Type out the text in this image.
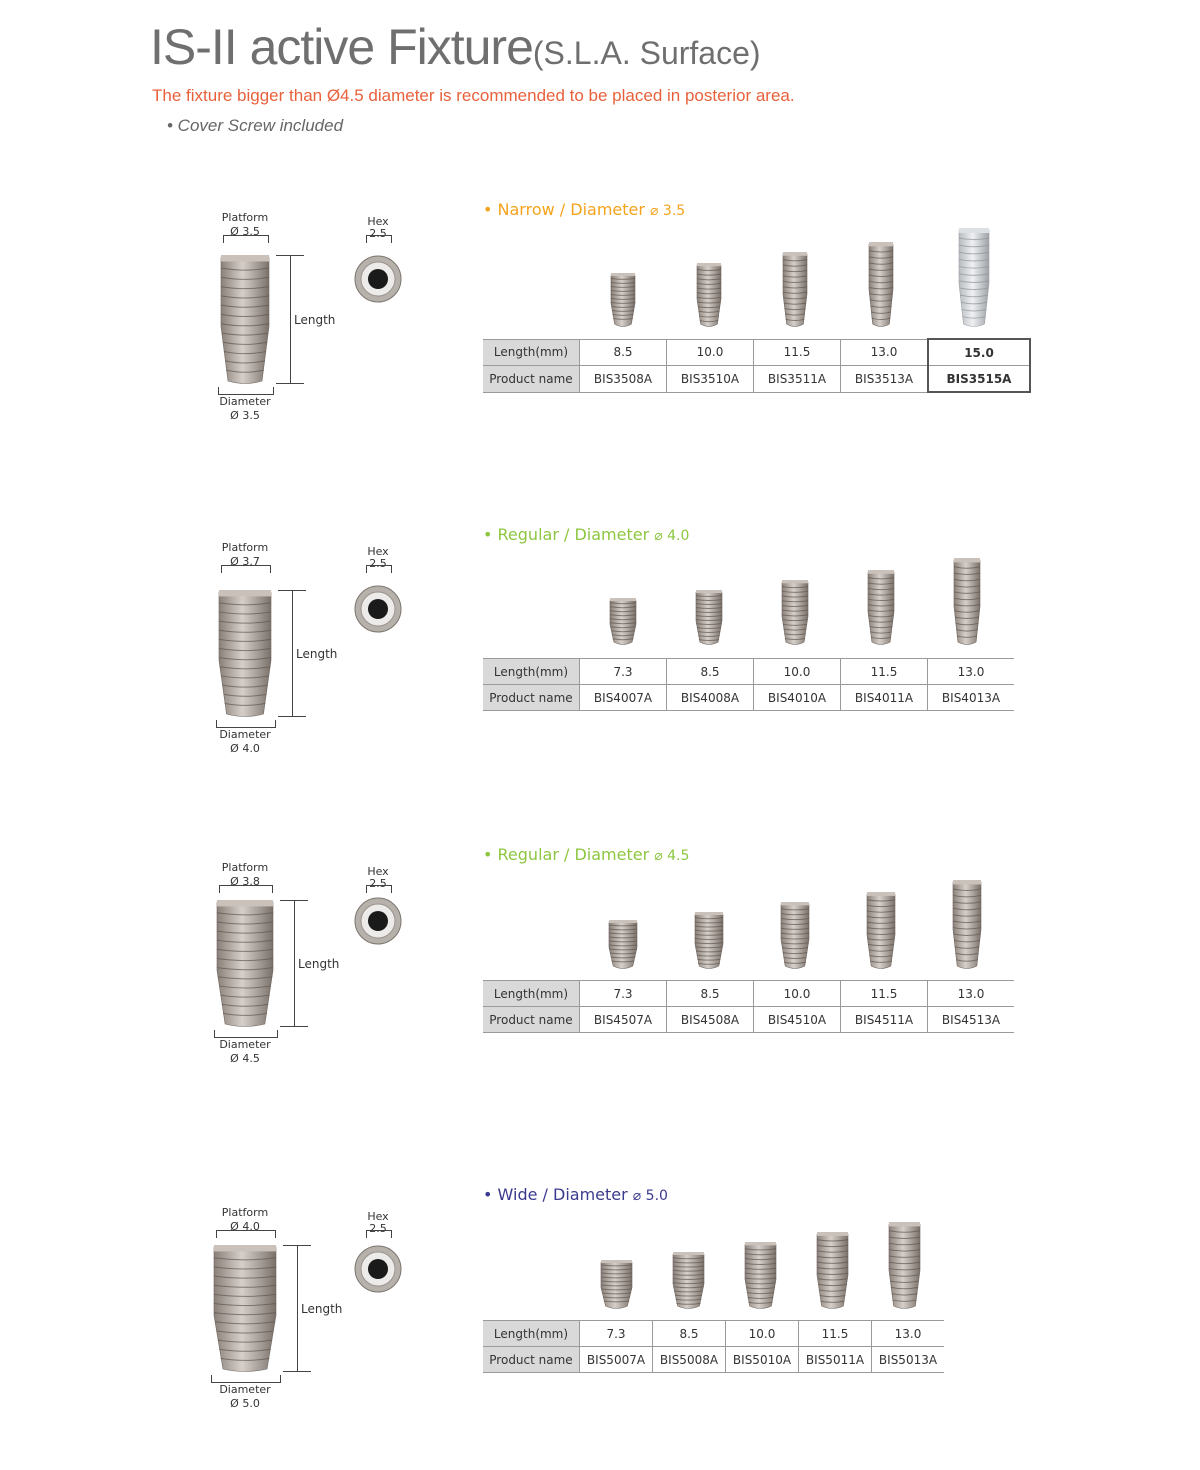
IS-II active Fixture(S.L.A. Surface)
The fixture bigger than Ø4.5 diameter is recommended to be placed in posterior area.
• Cover Screw included
Platform
Ø 3.5
Length
Diameter
Ø 3.5
Hex
2.5
• Narrow / Diameter ⌀ 3.5
Length(mm)	8.5	10.0	11.5	13.0	15.0
Product name	BIS3508A	BIS3510A	BIS3511A	BIS3513A	BIS3515A
Platform
Ø 3.7
Length
Diameter
Ø 4.0
Hex
2.5
• Regular / Diameter ⌀ 4.0
Length(mm)	7.3	8.5	10.0	11.5	13.0
Product name	BIS4007A	BIS4008A	BIS4010A	BIS4011A	BIS4013A
Platform
Ø 3.8
Length
Diameter
Ø 4.5
Hex
2.5
• Regular / Diameter ⌀ 4.5
Length(mm)	7.3	8.5	10.0	11.5	13.0
Product name	BIS4507A	BIS4508A	BIS4510A	BIS4511A	BIS4513A
Platform
Ø 4.0
Length
Diameter
Ø 5.0
Hex
2.5
• Wide / Diameter ⌀ 5.0
Length(mm)	7.3	8.5	10.0	11.5	13.0
Product name	BIS5007A	BIS5008A	BIS5010A	BIS5011A	BIS5013A
